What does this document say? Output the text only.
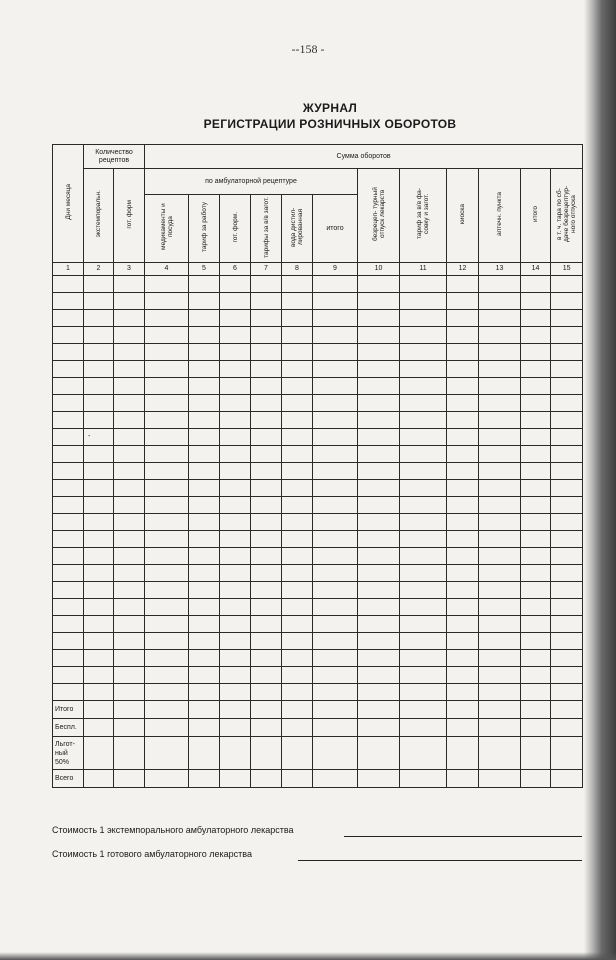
--158 -
ЖУРНАЛ
РЕГИСТРАЦИИ РОЗНИЧНЫХ ОБОРОТОВ
Дни месяца	Количество рецептов		Сумма оборотов											
	экстемпоральн.	гот. форм	по амбулаторной рецептуре						безрецеп- турный отпуск лекарств	тариф за в/в фа- совку и загот.	киоска	аптечн. пункта	итого	в т. ч. тара по сб- даче безрецептур- ного отпуска
			медикаменты и посуда	тариф за работу	гот. форм.	тарифы за в/в загот.	вода дистил- лированная	итого						
1	2	3	4	5	6	7	8	9	10	11	12	13	14	15

	-													

Итого														
Беспл.														
Льгот- ный 50%														
Всего														
Стоимость 1 экстемпорального амбулаторного лекарства
Стоимость 1 готового амбулаторного лекарства
